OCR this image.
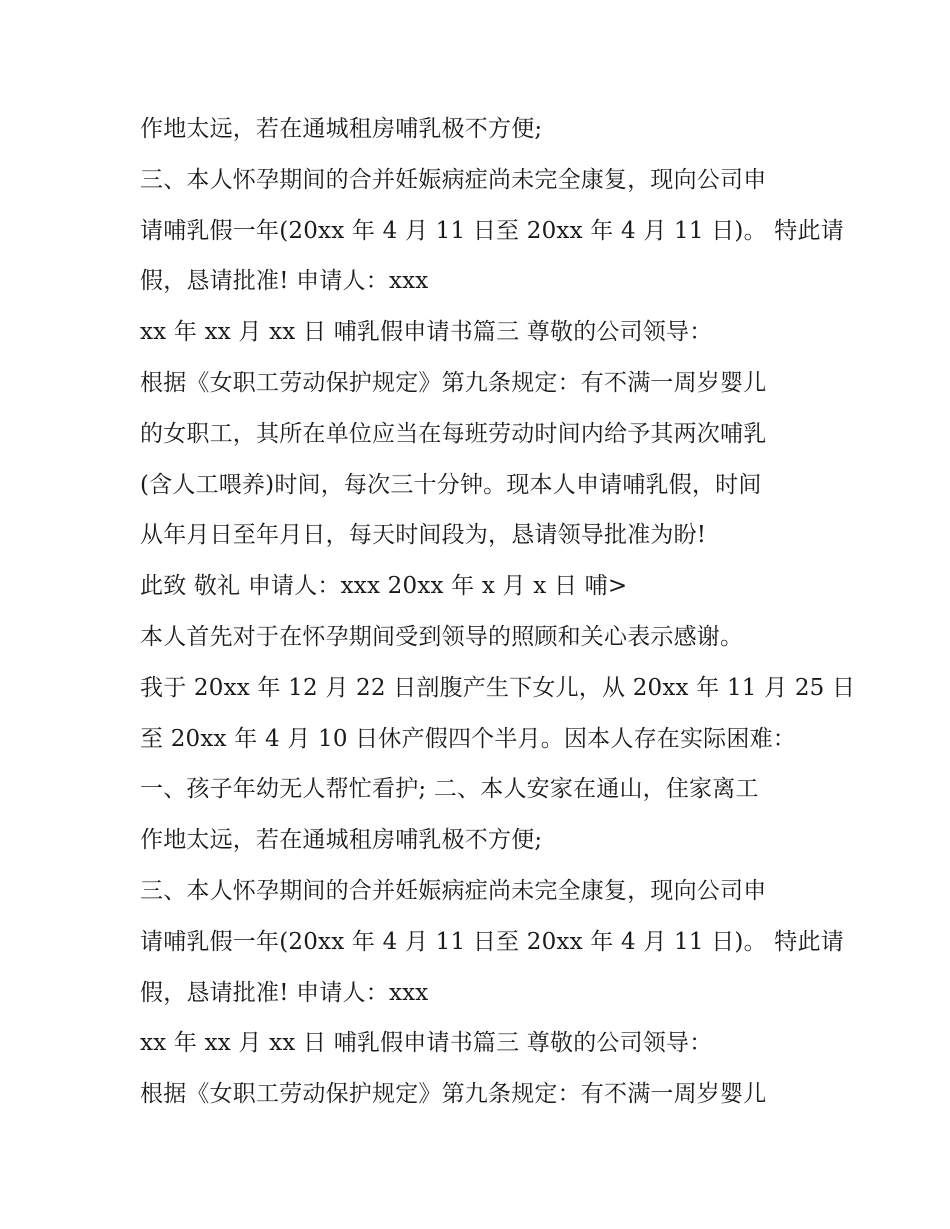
作地太远，若在通城租房哺乳极不方便;
三、本人怀孕期间的合并妊娠病症尚未完全康复，现向公司申
请哺乳假一年(20xx 年 4 月 11 日至 20xx 年 4 月 11 日)。 特此请
假，恳请批准! 申请人：xxx
xx 年 xx 月 xx 日 哺乳假申请书篇三 尊敬的公司领导：
根据《女职工劳动保护规定》第九条规定：有不满一周岁婴儿
的女职工，其所在单位应当在每班劳动时间内给予其两次哺乳
(含人工喂养)时间，每次三十分钟。现本人申请哺乳假，时间
从年月日至年月日，每天时间段为，恳请领导批准为盼!
此致 敬礼 申请人：xxx 20xx 年 x 月 x 日 哺>
本人首先对于在怀孕期间受到领导的照顾和关心表示感谢。
我于 20xx 年 12 月 22 日剖腹产生下女儿，从 20xx 年 11 月 25 日
至 20xx 年 4 月 10 日休产假四个半月。因本人存在实际困难：
一、孩子年幼无人帮忙看护; 二、本人安家在通山，住家离工
作地太远，若在通城租房哺乳极不方便;
三、本人怀孕期间的合并妊娠病症尚未完全康复，现向公司申
请哺乳假一年(20xx 年 4 月 11 日至 20xx 年 4 月 11 日)。 特此请
假，恳请批准! 申请人：xxx
xx 年 xx 月 xx 日 哺乳假申请书篇三 尊敬的公司领导：
根据《女职工劳动保护规定》第九条规定：有不满一周岁婴儿
